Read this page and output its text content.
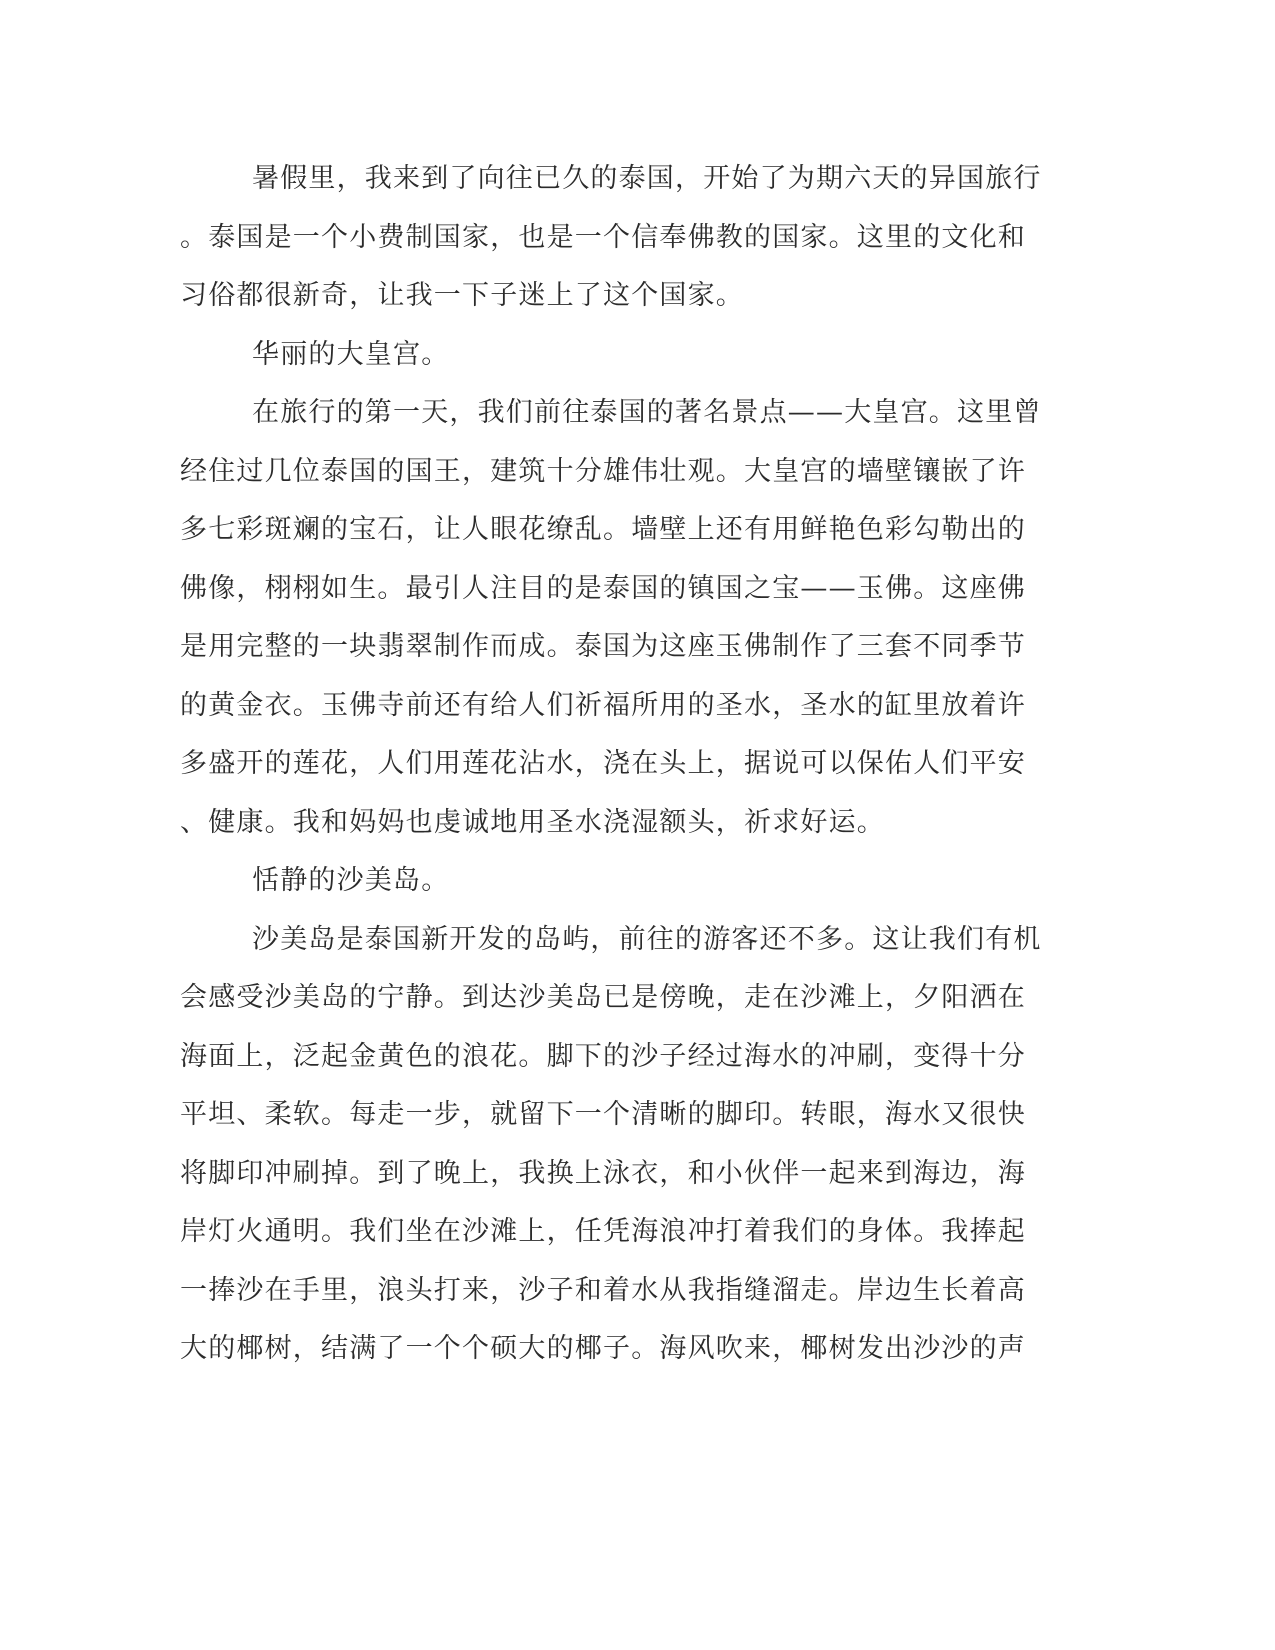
暑假里，我来到了向往已久的泰国，开始了为期六天的异国旅行
。泰国是一个小费制国家，也是一个信奉佛教的国家。这里的文化和
习俗都很新奇，让我一下子迷上了这个国家。
华丽的大皇宫。
在旅行的第一天，我们前往泰国的著名景点——大皇宫。这里曾
经住过几位泰国的国王，建筑十分雄伟壮观。大皇宫的墙壁镶嵌了许
多七彩斑斓的宝石，让人眼花缭乱。墙壁上还有用鲜艳色彩勾勒出的
佛像，栩栩如生。最引人注目的是泰国的镇国之宝——玉佛。这座佛
是用完整的一块翡翠制作而成。泰国为这座玉佛制作了三套不同季节
的黄金衣。玉佛寺前还有给人们祈福所用的圣水，圣水的缸里放着许
多盛开的莲花，人们用莲花沾水，浇在头上，据说可以保佑人们平安
、健康。我和妈妈也虔诚地用圣水浇湿额头，祈求好运。
恬静的沙美岛。
沙美岛是泰国新开发的岛屿，前往的游客还不多。这让我们有机
会感受沙美岛的宁静。到达沙美岛已是傍晚，走在沙滩上，夕阳洒在
海面上，泛起金黄色的浪花。脚下的沙子经过海水的冲刷，变得十分
平坦、柔软。每走一步，就留下一个清晰的脚印。转眼，海水又很快
将脚印冲刷掉。到了晚上，我换上泳衣，和小伙伴一起来到海边，海
岸灯火通明。我们坐在沙滩上，任凭海浪冲打着我们的身体。我捧起
一捧沙在手里，浪头打来，沙子和着水从我指缝溜走。岸边生长着高
大的椰树，结满了一个个硕大的椰子。海风吹来，椰树发出沙沙的声
